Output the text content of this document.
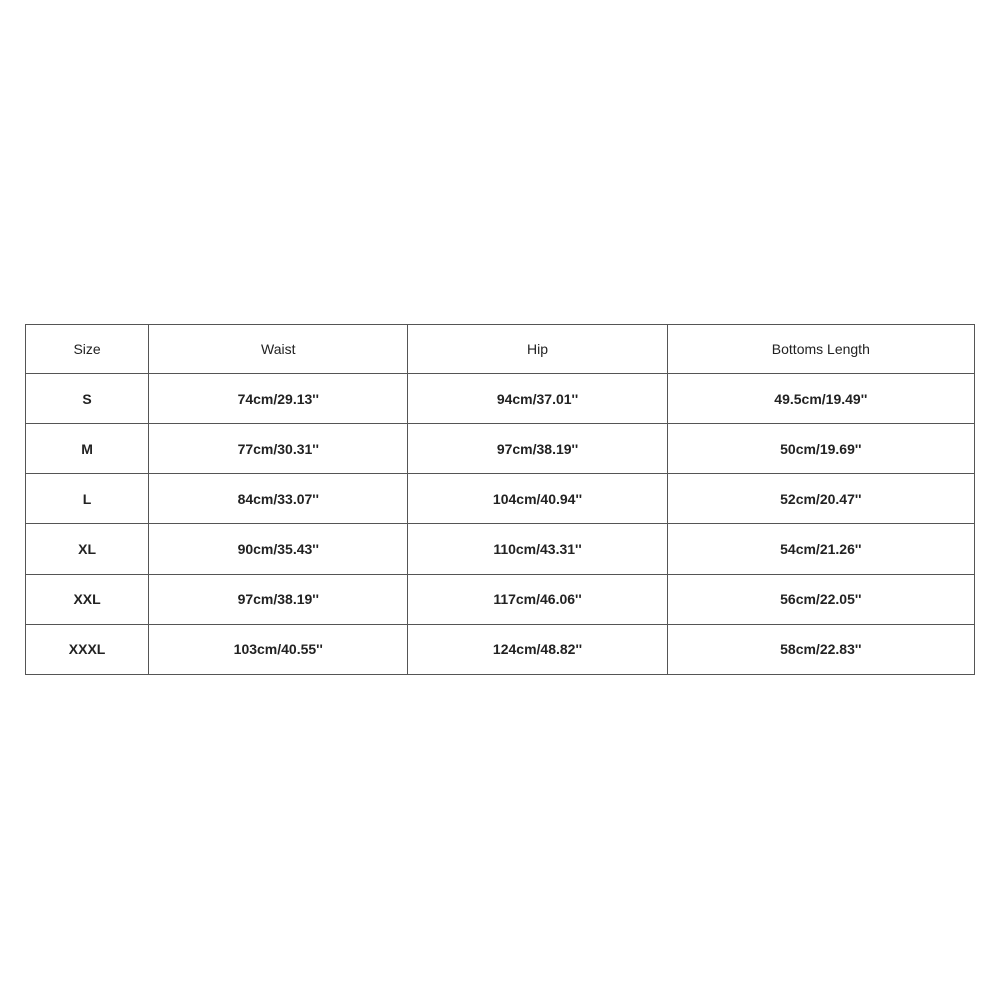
Size	Waist	Hip	Bottoms Length
S	74cm/29.13''	94cm/37.01''	49.5cm/19.49''
M	77cm/30.31''	97cm/38.19''	50cm/19.69''
L	84cm/33.07''	104cm/40.94''	52cm/20.47''
XL	90cm/35.43''	110cm/43.31''	54cm/21.26''
XXL	97cm/38.19''	117cm/46.06''	56cm/22.05''
XXXL	103cm/40.55''	124cm/48.82''	58cm/22.83''
